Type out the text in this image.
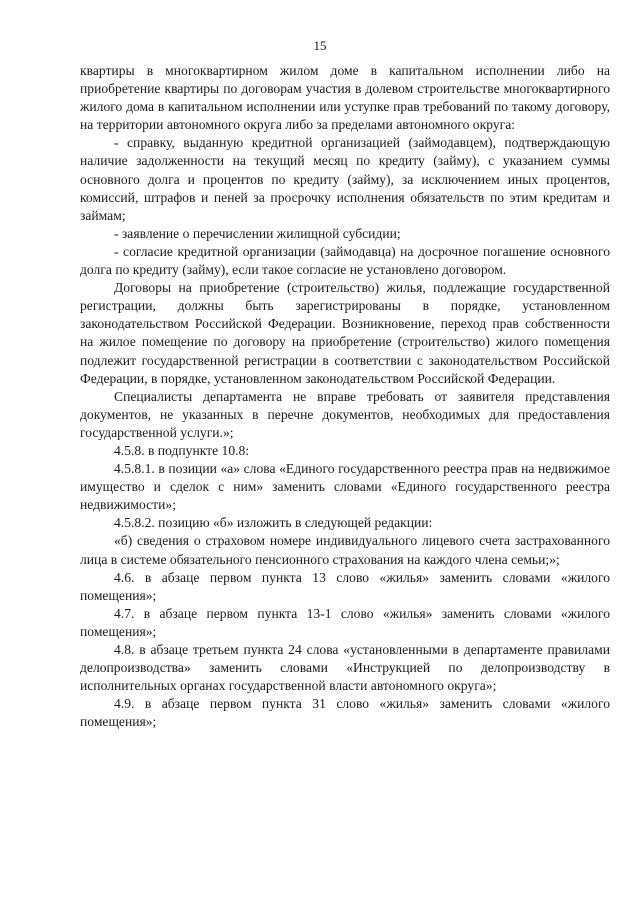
15

квартиры в многоквартирном жилом доме в капитальном исполнении либо на приобретение квартиры по договорам участия в долевом строительстве многоквартирного жилого дома в капитальном исполнении или уступке прав требований по такому договору, на территории автономного округа либо за пределами автономного округа:

- справку, выданную кредитной организацией (займодавцем), подтверждающую наличие задолженности на текущий месяц по кредиту (займу), с указанием суммы основного долга и процентов по кредиту (займу), за исключением иных процентов, комиссий, штрафов и пеней за просрочку исполнения обязательств по этим кредитам и займам;

- заявление о перечислении жилищной субсидии;

- согласие кредитной организации (займодавца) на досрочное погашение основного долга по кредиту (займу), если такое согласие не установлено договором.

Договоры на приобретение (строительство) жилья, подлежащие государственной регистрации, должны быть зарегистрированы в порядке, установленном законодательством Российской Федерации. Возникновение, переход прав собственности на жилое помещение по договору на приобретение (строительство) жилого помещения подлежит государственной регистрации в соответствии с законодательством Российской Федерации, в порядке, установленном законодательством Российской Федерации.

Специалисты департамента не вправе требовать от заявителя представления документов, не указанных в перечне документов, необходимых для предоставления государственной услуги.»;

4.5.8. в подпункте 10.8:

4.5.8.1. в позиции «а» слова «Единого государственного реестра прав на недвижимое имущество и сделок с ним» заменить словами «Единого государственного реестра недвижимости»;

4.5.8.2. позицию «б» изложить в следующей редакции:

«б) сведения о страховом номере индивидуального лицевого счета застрахованного лица в системе обязательного пенсионного страхования на каждого члена семьи;»;

4.6. в абзаце первом пункта 13 слово «жилья» заменить словами «жилого помещения»;

4.7. в абзаце первом пункта 13-1 слово «жилья» заменить словами «жилого помещения»;

4.8. в абзаце третьем пункта 24 слова «установленными в департаменте правилами делопроизводства» заменить словами «Инструкцией по делопроизводству в исполнительных органах государственной власти автономного округа»;

4.9. в абзаце первом пункта 31 слово «жилья» заменить словами «жилого помещения»;
